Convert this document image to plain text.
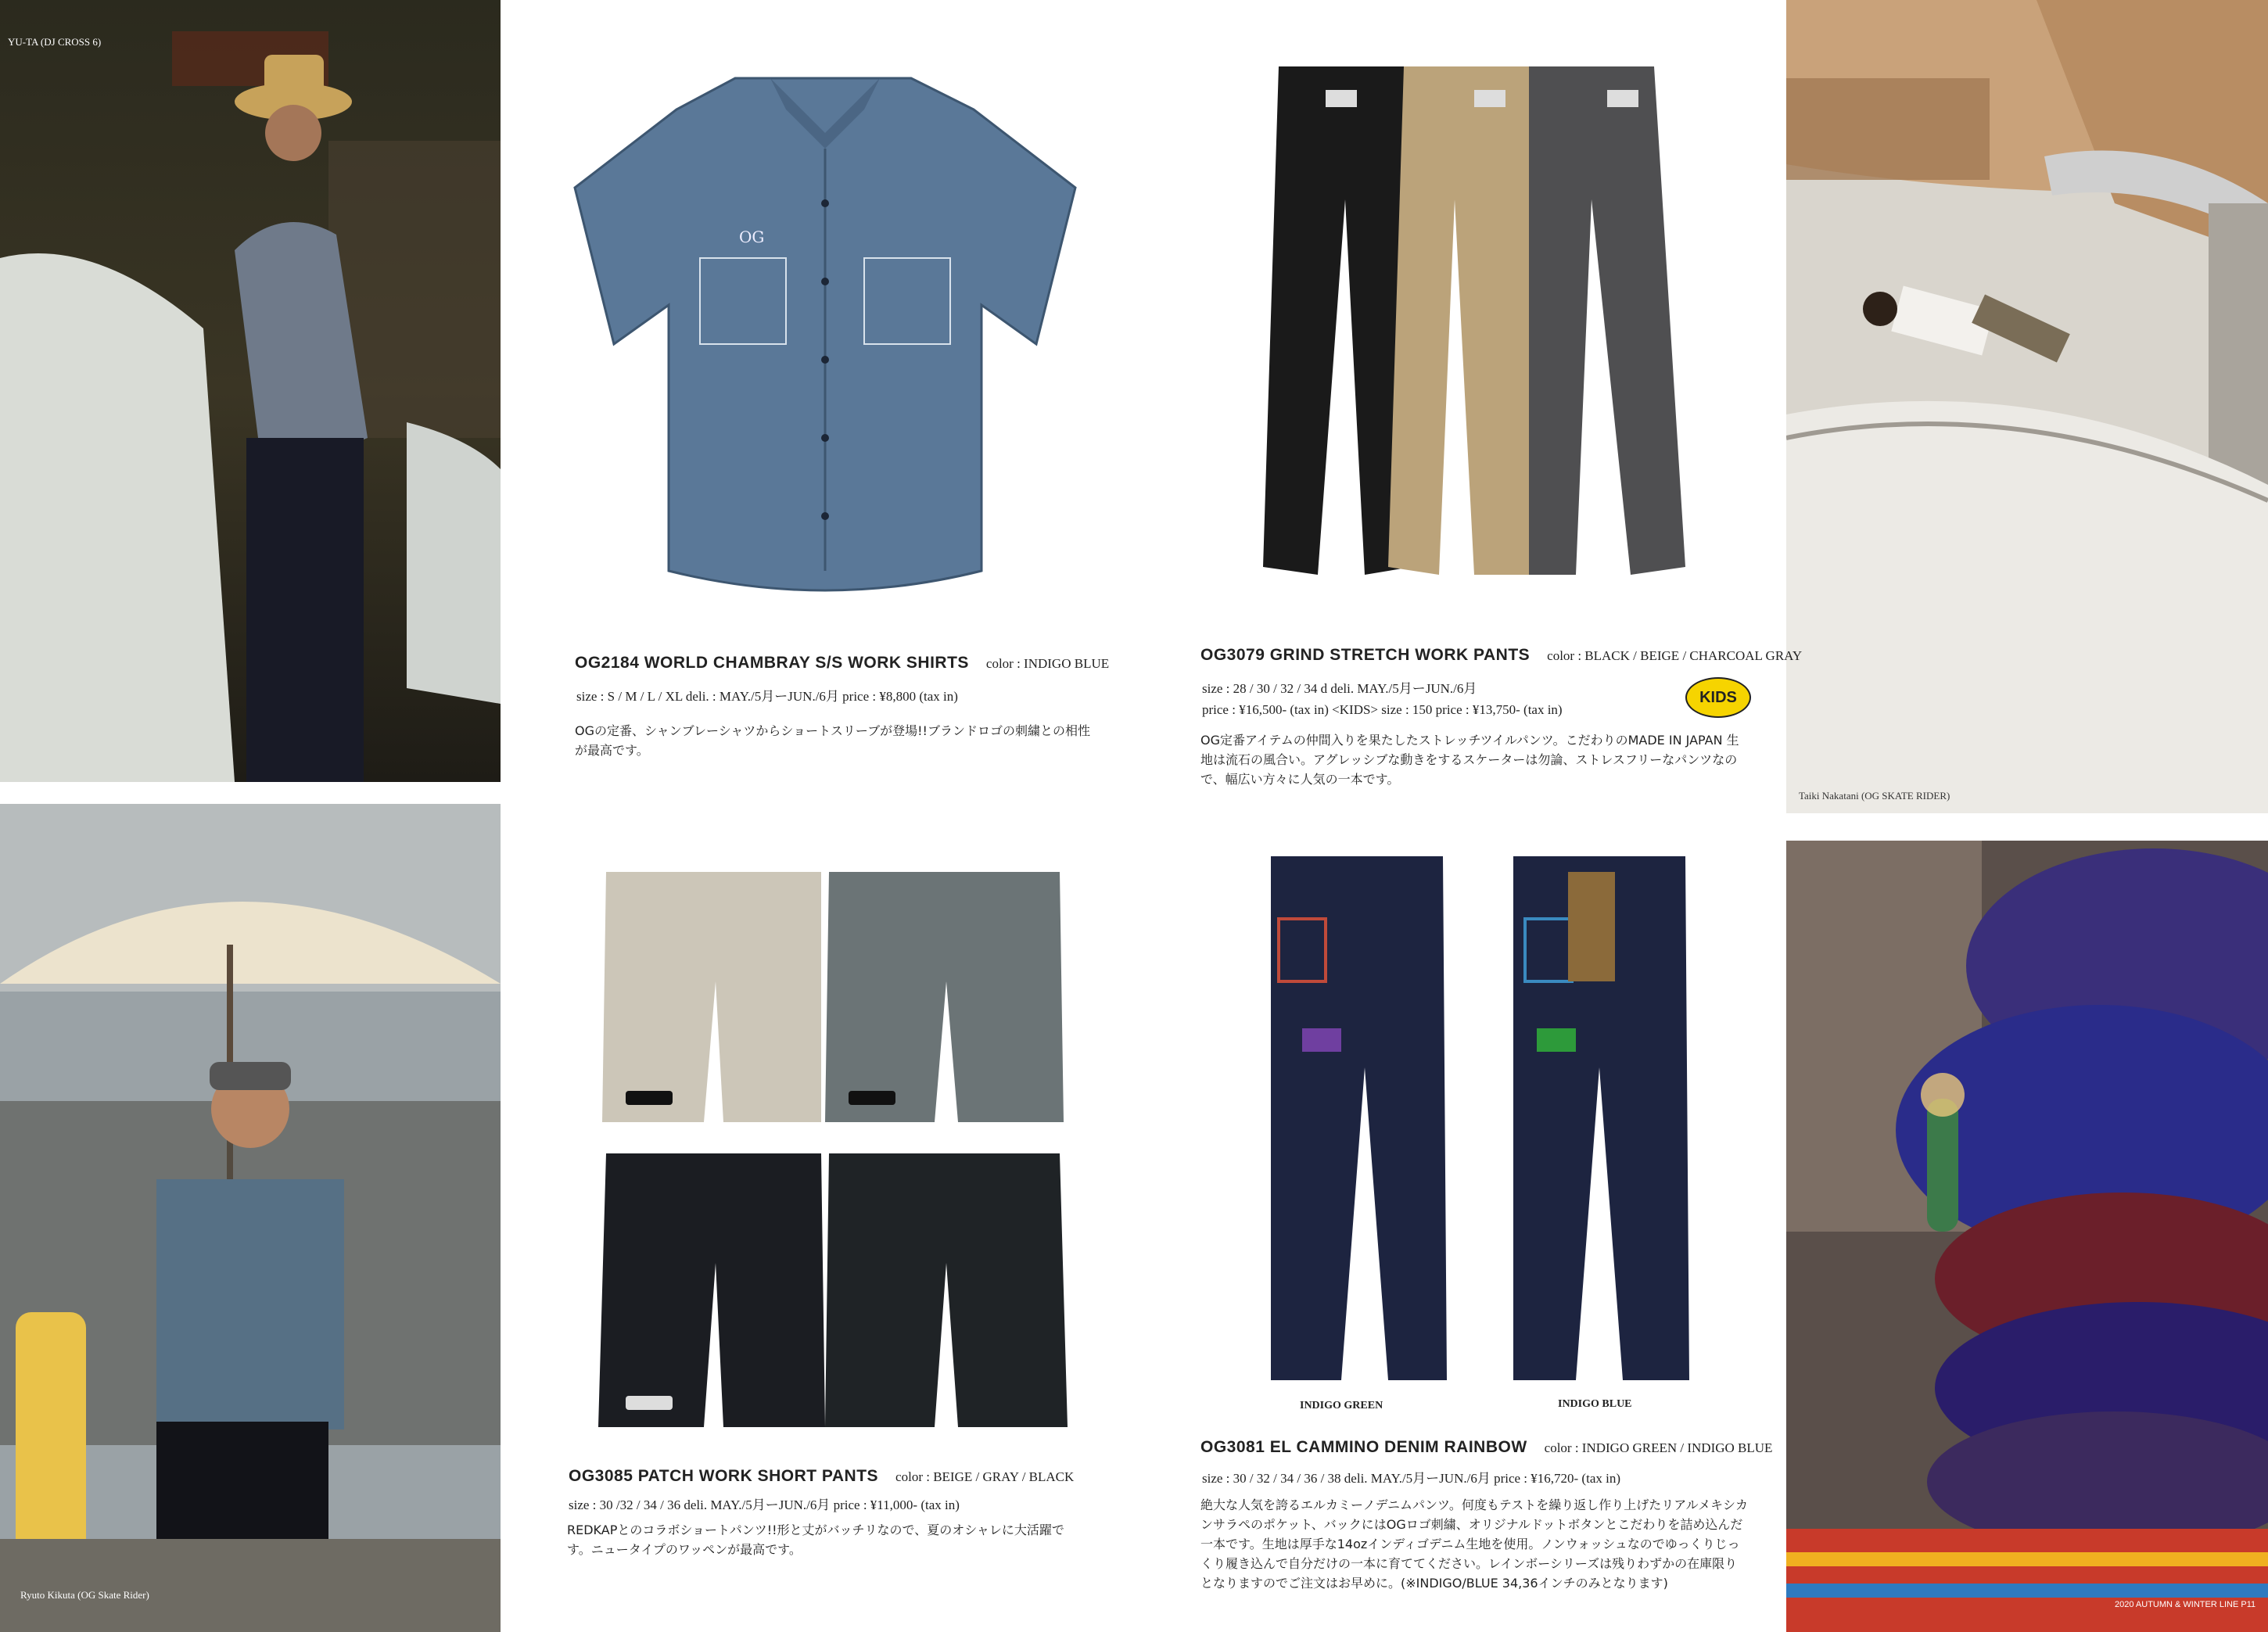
YU-TA (DJ CROSS 6)
Ryuto Kikuta (OG Skate Rider)
Taiki Nakatani (OG SKATE RIDER)
2020 AUTUMN & WINTER LINE P11
OG
OG2184 WORLD CHAMBRAY S/S WORK SHIRTS color : INDIGO BLUE
size : S / M / L / XL deli. : MAY./5月ーJUN./6月 price : ¥8,800 (tax in)
OGの定番、シャンブレーシャツからショートスリーブが登場!!ブランドロゴの刺繍との相性が最高です。
OG3079 GRIND STRETCH WORK PANTS color : BLACK / BEIGE / CHARCOAL GRAY
size : 28 / 30 / 32 / 34 d deli. MAY./5月ーJUN./6月
price : ¥16,500- (tax in) <KIDS> size : 150 price : ¥13,750- (tax in)
KIDS
OG定番アイテムの仲間入りを果たしたストレッチツイルパンツ。こだわりのMADE IN JAPAN 生地は流石の風合い。アグレッシブな動きをするスケーターは勿論、ストレスフリーなパンツなので、幅広い方々に人気の一本です。
OG3085 PATCH WORK SHORT PANTS color : BEIGE / GRAY / BLACK
size : 30 /32 / 34 / 36 deli. MAY./5月ーJUN./6月 price : ¥11,000- (tax in)
REDKAPとのコラボショートパンツ!!形と丈がバッチリなので、夏のオシャレに大活躍です。ニュータイプのワッペンが最高です。
INDIGO GREEN	INDIGO BLUE
OG3081 EL CAMMINO DENIM RAINBOW color : INDIGO GREEN / INDIGO BLUE
size : 30 / 32 / 34 / 36 / 38 deli. MAY./5月ーJUN./6月 price : ¥16,720- (tax in)
絶大な人気を誇るエルカミーノデニムパンツ。何度もテストを繰り返し作り上げたリアルメキシカンサラペのポケット、バックにはOGロゴ刺繍、オリジナルドットボタンとこだわりを詰め込んだ一本です。生地は厚手な14ozインディゴデニム生地を使用。ノンウォッシュなのでゆっくりじっくり履き込んで自分だけの一本に育ててください。レインボーシリーズは残りわずかの在庫限りとなりますのでご注文はお早めに。(※INDIGO/BLUE 34,36インチのみとなります)
